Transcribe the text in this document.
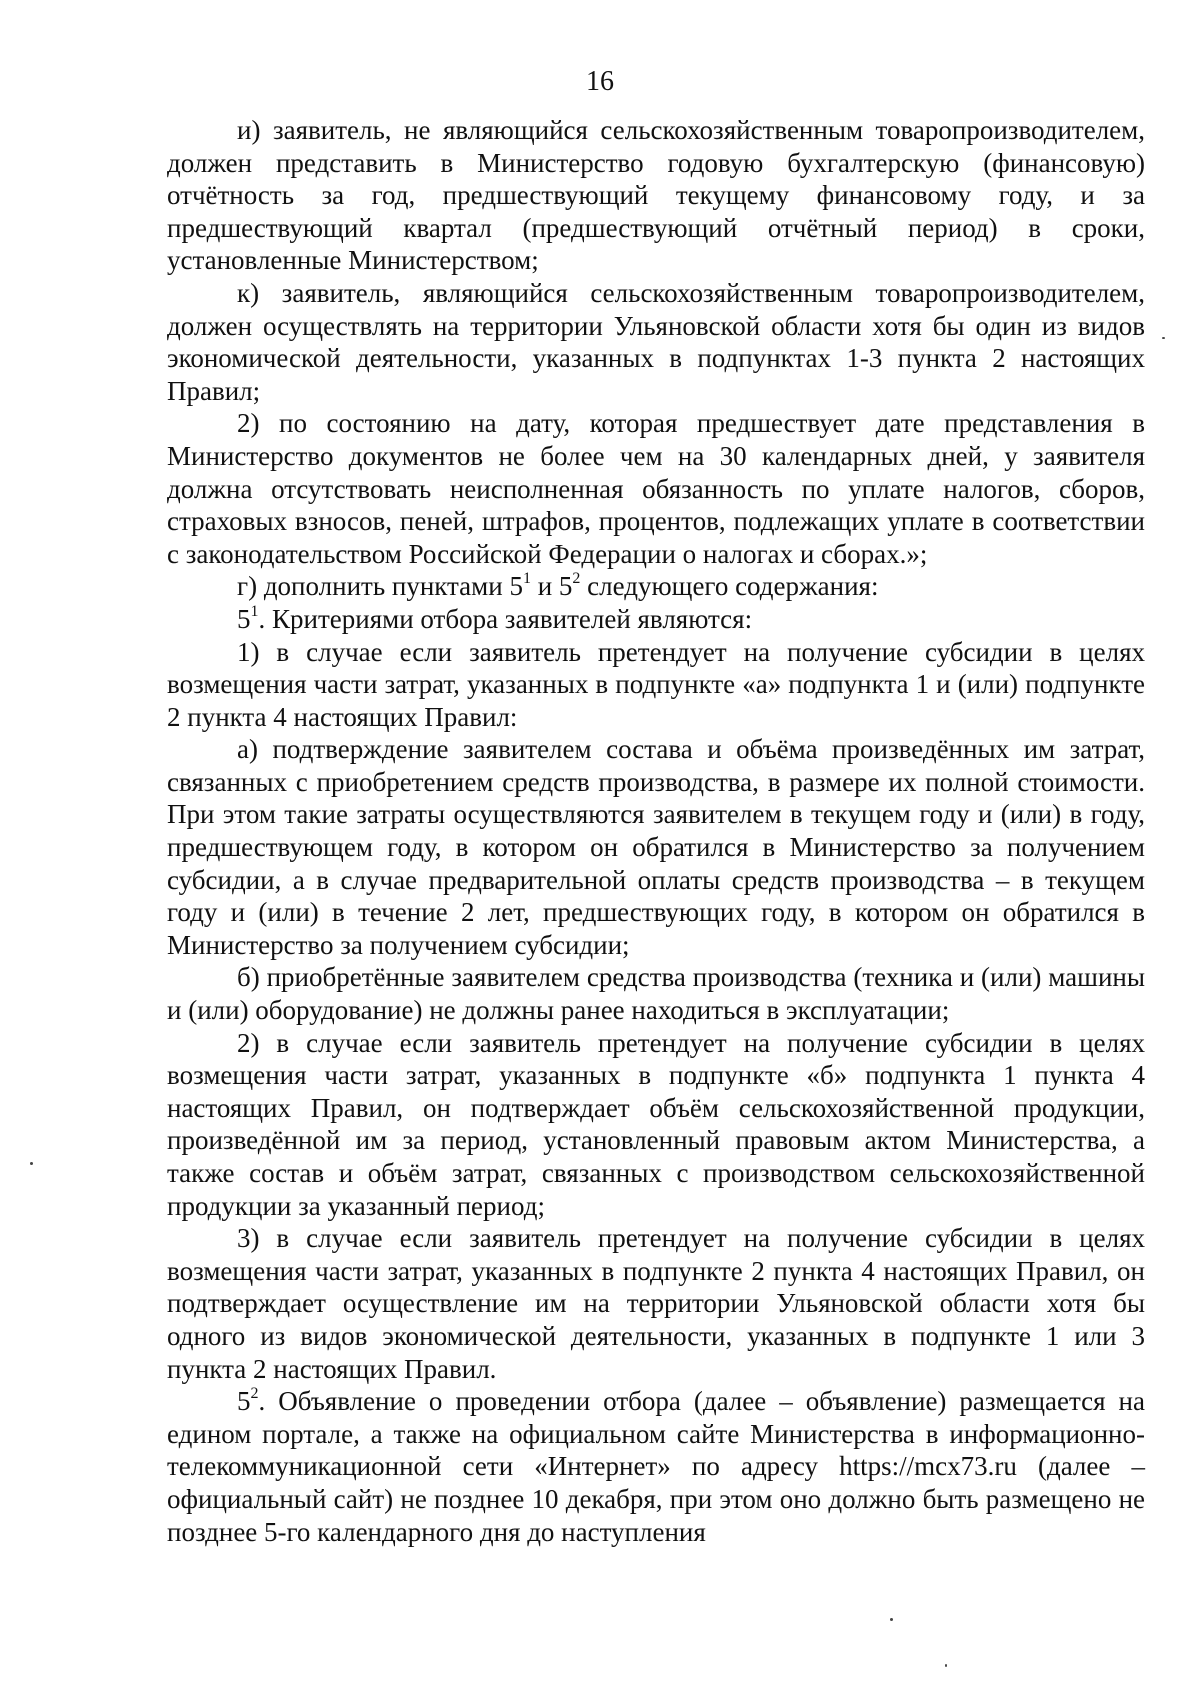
16

и) заявитель, не являющийся сельскохозяйственным товаропроизводителем, должен представить в Министерство годовую бухгалтерскую (финансовую) отчётность за год, предшествующий текущему финансовому году, и за предшествующий квартал (предшествующий отчётный период) в сроки, установленные Министерством;

к) заявитель, являющийся сельскохозяйственным товаропроизводителем, должен осуществлять на территории Ульяновской области хотя бы один из видов экономической деятельности, указанных в подпунктах 1-3 пункта 2 настоящих Правил;

2) по состоянию на дату, которая предшествует дате представления в Министерство документов не более чем на 30 календарных дней, у заявителя должна отсутствовать неисполненная обязанность по уплате налогов, сборов, страховых взносов, пеней, штрафов, процентов, подлежащих уплате в соответствии с законодательством Российской Федерации о налогах и сборах.»;

г) дополнить пунктами $5^1$ и $5^2$ следующего содержания:

$5^1$. Критериями отбора заявителей являются:

1) в случае если заявитель претендует на получение субсидии в целях возмещения части затрат, указанных в подпункте «а» подпункта 1 и (или) подпункте 2 пункта 4 настоящих Правил:

а) подтверждение заявителем состава и объёма произведённых им затрат, связанных с приобретением средств производства, в размере их полной стоимости. При этом такие затраты осуществляются заявителем в текущем году и (или) в году, предшествующем году, в котором он обратился в Министерство за получением субсидии, а в случае предварительной оплаты средств производства – в текущем году и (или) в течение 2 лет, предшествующих году, в котором он обратился в Министерство за получением субсидии;

б) приобретённые заявителем средства производства (техника и (или) машины и (или) оборудование) не должны ранее находиться в эксплуатации;

2) в случае если заявитель претендует на получение субсидии в целях возмещения части затрат, указанных в подпункте «б» подпункта 1 пункта 4 настоящих Правил, он подтверждает объём сельскохозяйственной продукции, произведённой им за период, установленный правовым актом Министерства, а также состав и объём затрат, связанных с производством сельскохозяйственной продукции за указанный период;

3) в случае если заявитель претендует на получение субсидии в целях возмещения части затрат, указанных в подпункте 2 пункта 4 настоящих Правил, он подтверждает осуществление им на территории Ульяновской области хотя бы одного из видов экономической деятельности, указанных в подпункте 1 или 3 пункта 2 настоящих Правил.

$5^2$. Объявление о проведении отбора (далее – объявление) размещается на едином портале, а также на официальном сайте Министерства в информационно-телекоммуникационной сети «Интернет» по адресу https://mcx73.ru (далее – официальный сайт) не позднее 10 декабря, при этом оно должно быть размещено не позднее 5-го календарного дня до наступления
